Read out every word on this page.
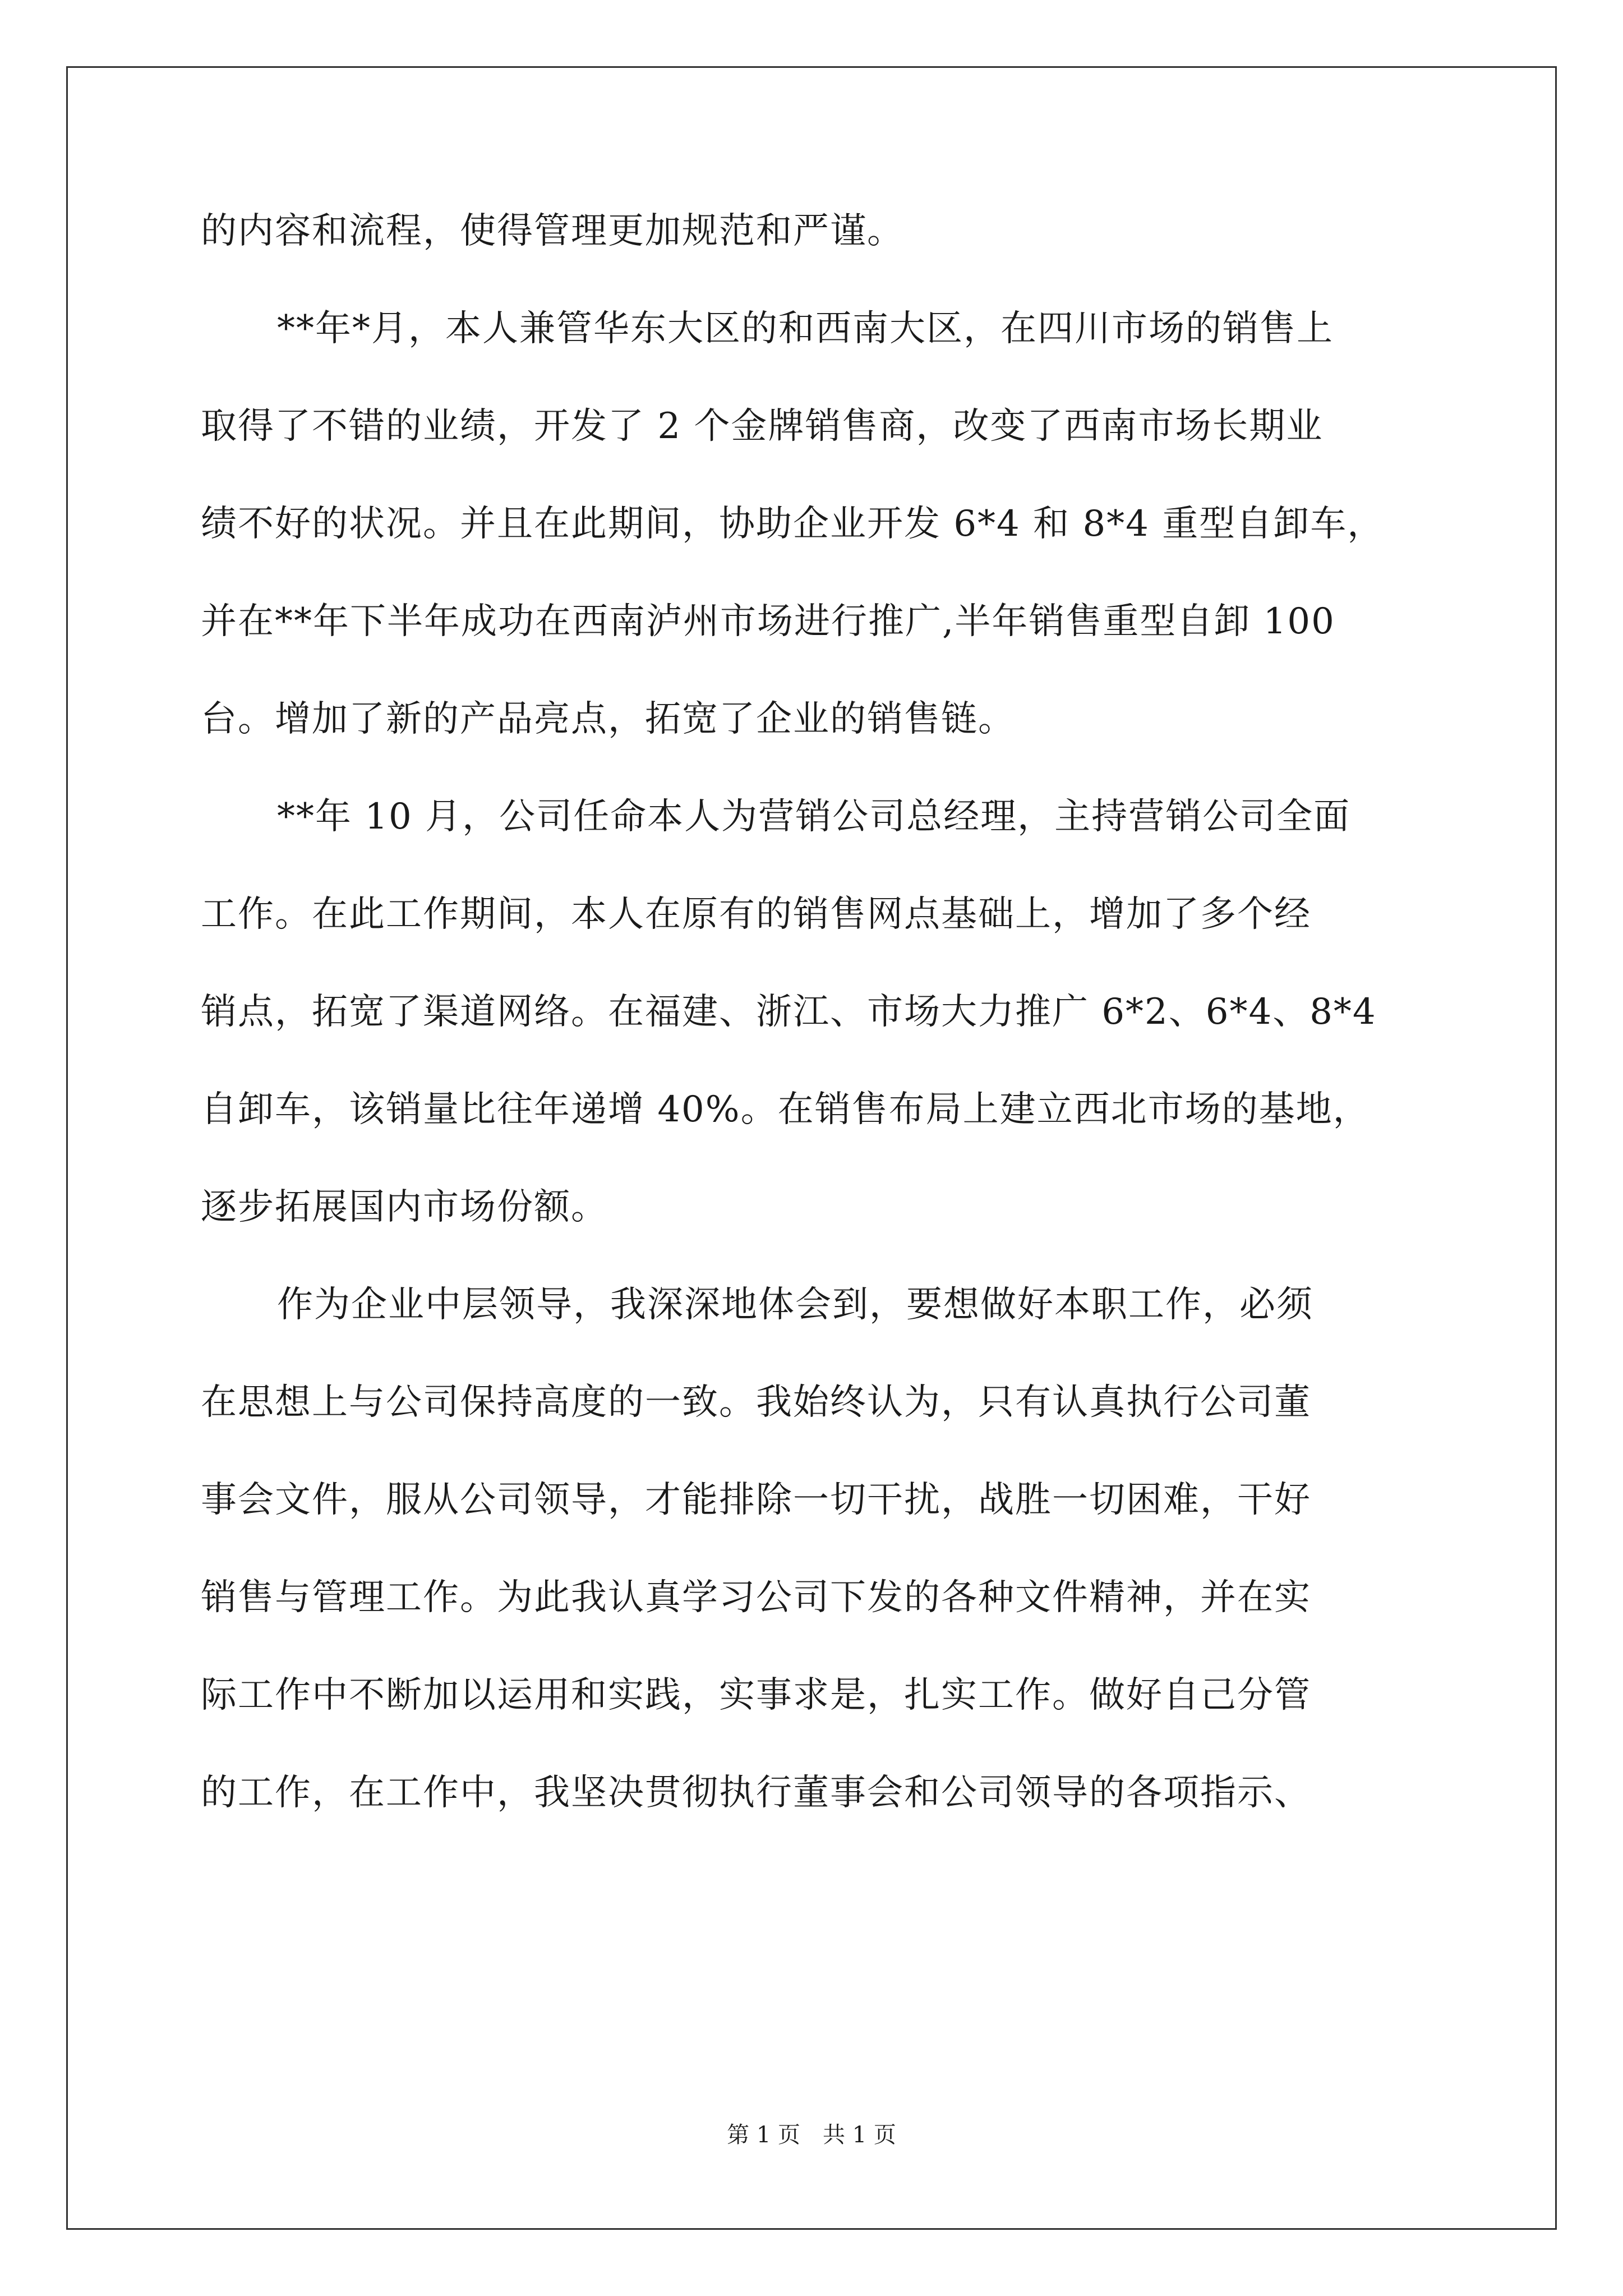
的内容和流程，使得管理更加规范和严谨。
**年*月，本人兼管华东大区的和西南大区，在四川市场的销售上
取得了不错的业绩，开发了 2 个金牌销售商，改变了西南市场长期业
绩不好的状况。并且在此期间，协助企业开发 6*4 和 8*4 重型自卸车，
并在**年下半年成功在西南泸州市场进行推广,半年销售重型自卸 100
台。增加了新的产品亮点，拓宽了企业的销售链。
**年 10 月，公司任命本人为营销公司总经理，主持营销公司全面
工作。在此工作期间，本人在原有的销售网点基础上，增加了多个经
销点，拓宽了渠道网络。在福建、浙江、市场大力推广 6*2、6*4、8*4
自卸车，该销量比往年递增 40%。在销售布局上建立西北市场的基地，
逐步拓展国内市场份额。
作为企业中层领导，我深深地体会到，要想做好本职工作，必须
在思想上与公司保持高度的一致。我始终认为，只有认真执行公司董
事会文件，服从公司领导，才能排除一切干扰，战胜一切困难，干好
销售与管理工作。为此我认真学习公司下发的各种文件精神，并在实
际工作中不断加以运用和实践，实事求是，扎实工作。做好自己分管
的工作，在工作中，我坚决贯彻执行董事会和公司领导的各项指示、
第 1 页　共 1 页
